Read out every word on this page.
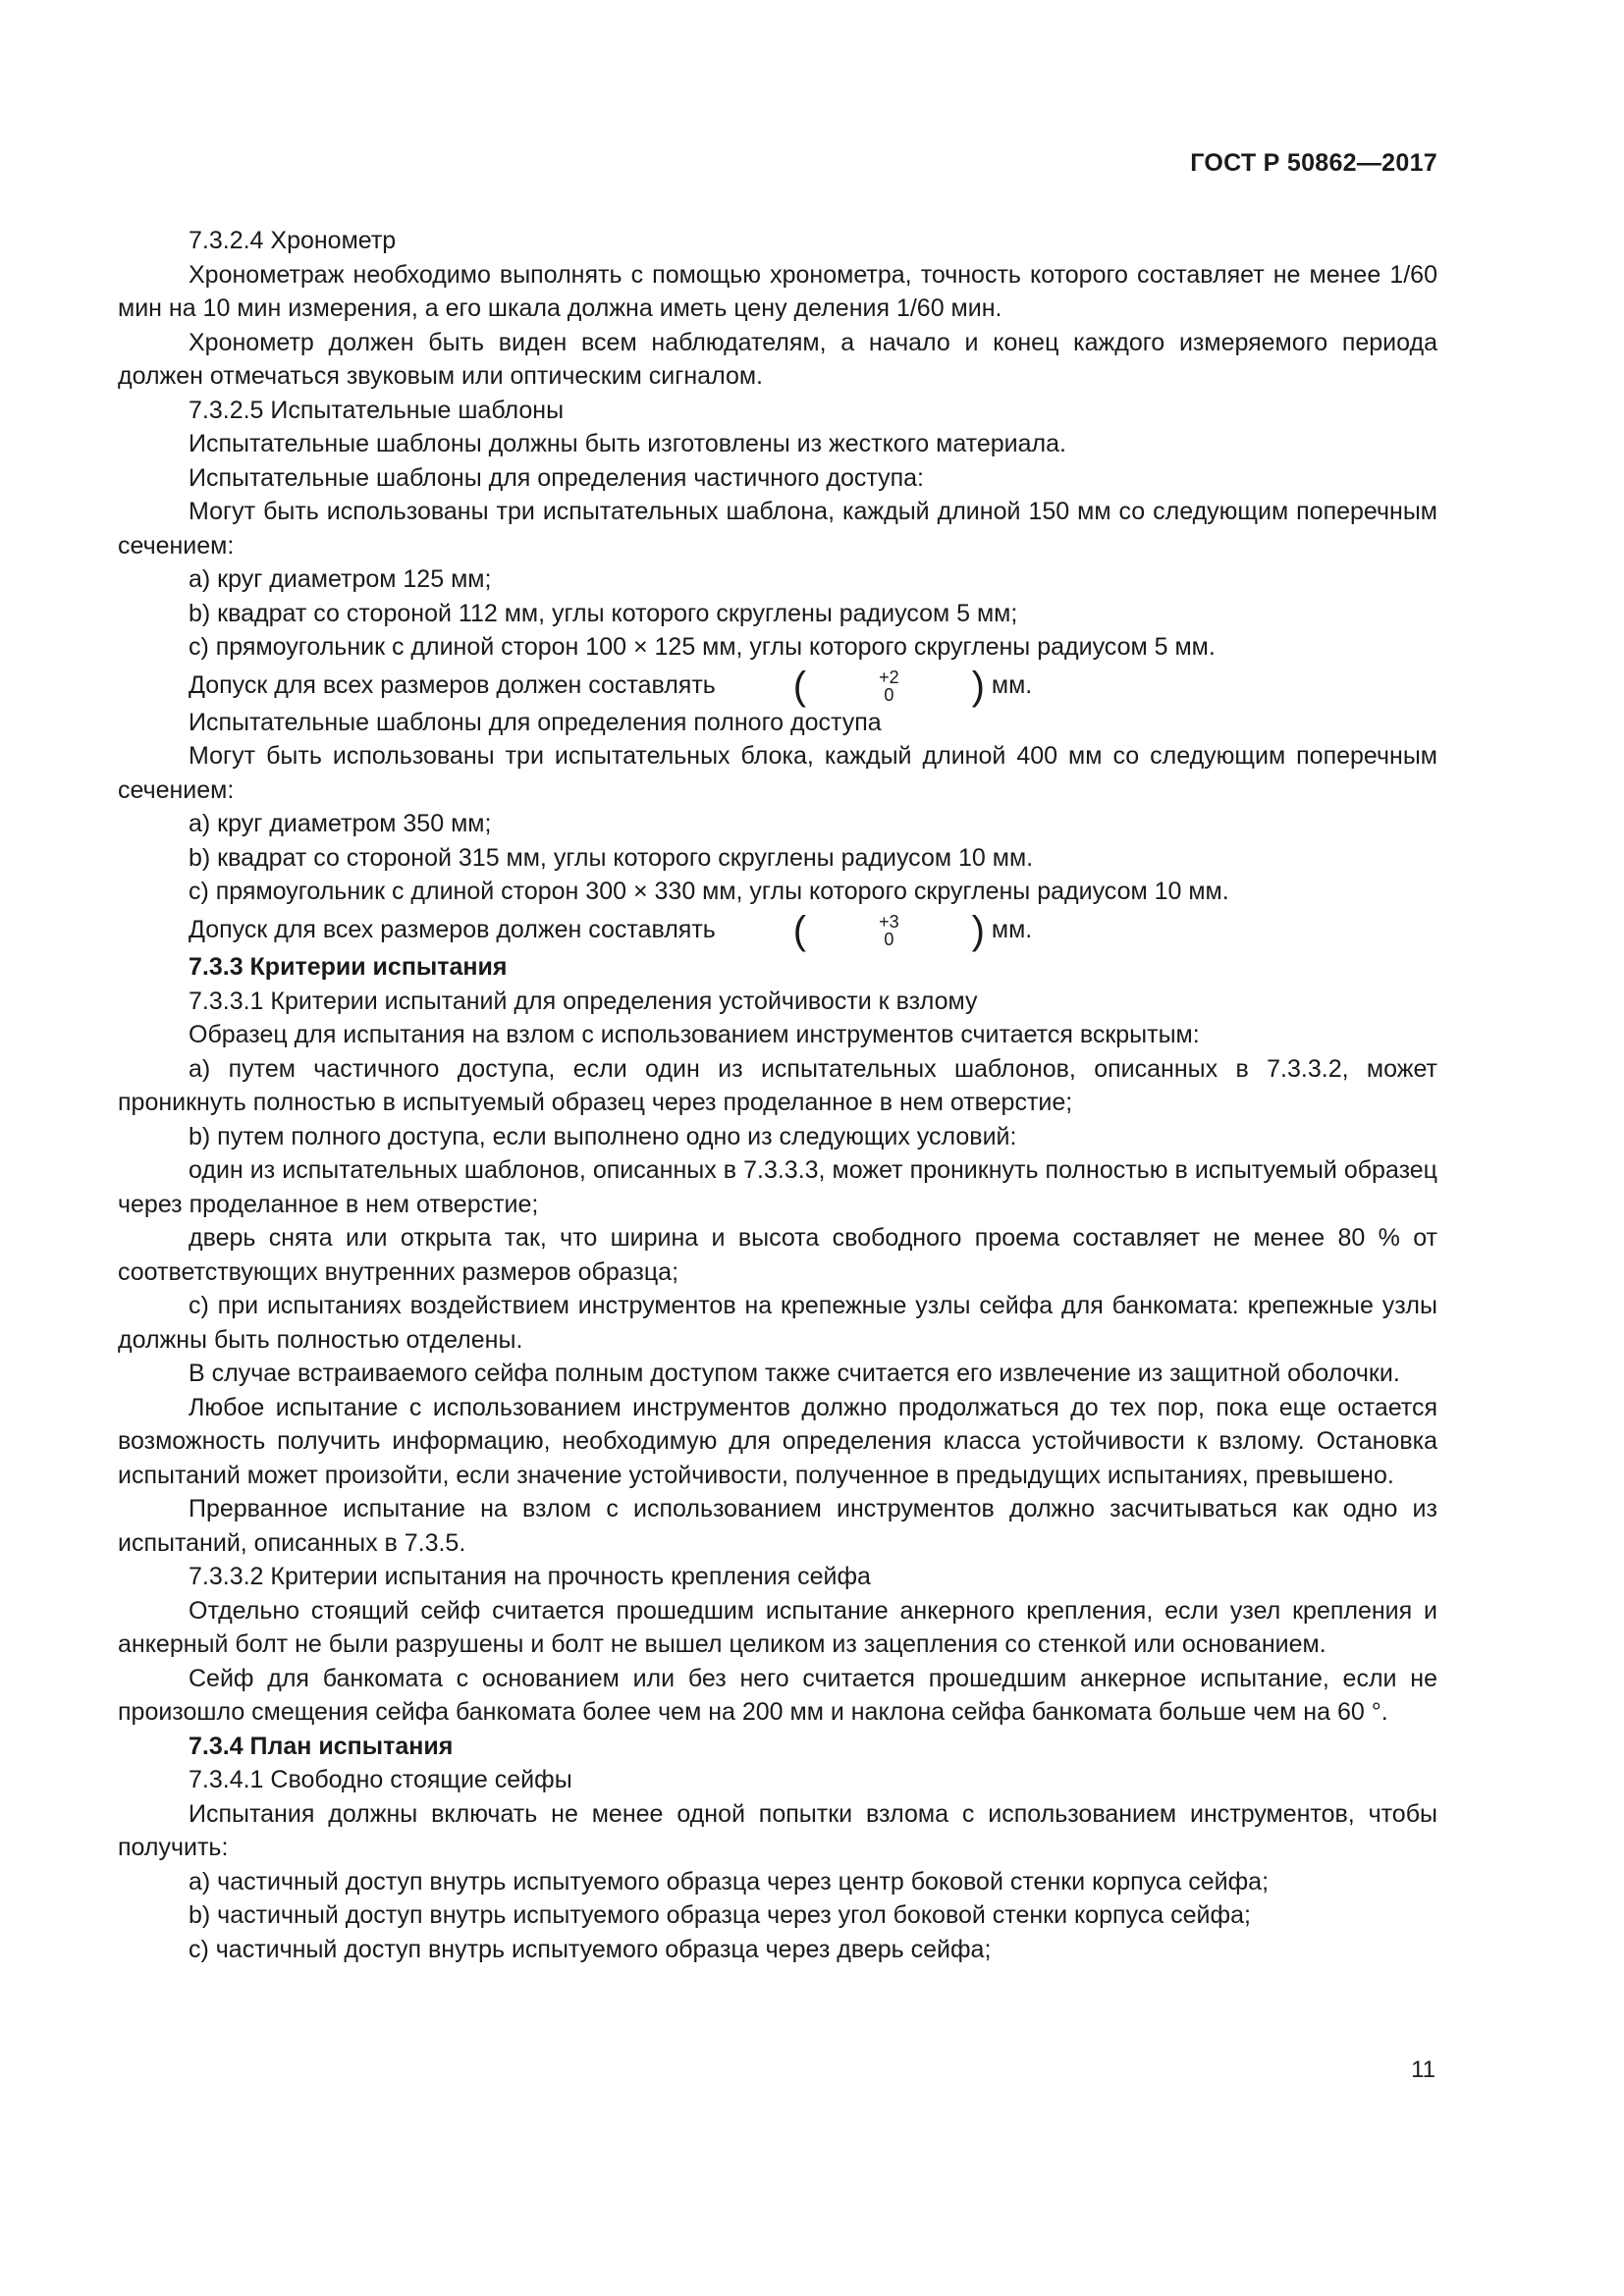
ГОСТ Р 50862—2017

7.3.2.4 Хронометр

Хронометраж необходимо выполнять с помощью хронометра, точность которого составляет не менее 1/60 мин на 10 мин измерения, а его шкала должна иметь цену деления 1/60 мин.

Хронометр должен быть виден всем наблюдателям, а начало и конец каждого измеряемого периода должен отмечаться звуковым или оптическим сигналом.

7.3.2.5 Испытательные шаблоны

Испытательные шаблоны должны быть изготовлены из жесткого материала.

Испытательные шаблоны для определения частичного доступа:

Могут быть использованы три испытательных шаблона, каждый длиной 150 мм со следующим поперечным сечением:

a) круг диаметром 125 мм;

b) квадрат со стороной 112 мм, углы которого скруглены радиусом 5 мм;

c) прямоугольник с длиной сторон 100 × 125 мм, углы которого скруглены радиусом 5 мм.

Допуск для всех размеров должен составлять (	+2
0 ) мм.

Испытательные шаблоны для определения полного доступа

Могут быть использованы три испытательных блока, каждый длиной 400 мм со следующим поперечным сечением:

a) круг диаметром 350 мм;

b) квадрат со стороной 315 мм, углы которого скруглены радиусом 10 мм.

c) прямоугольник с длиной сторон 300 × 330 мм, углы которого скруглены радиусом 10 мм.

Допуск для всех размеров должен составлять (	+3
0 ) мм.

7.3.3 Критерии испытания

7.3.3.1 Критерии испытаний для определения устойчивости к взлому

Образец для испытания на взлом с использованием инструментов считается вскрытым:

a) путем частичного доступа, если один из испытательных шаблонов, описанных в 7.3.3.2, может проникнуть полностью в испытуемый образец через проделанное в нем отверстие;

b) путем полного доступа, если выполнено одно из следующих условий:

один из испытательных шаблонов, описанных в 7.3.3.3, может проникнуть полностью в испытуемый образец через проделанное в нем отверстие;

дверь снята или открыта так, что ширина и высота свободного проема составляет не менее 80 % от соответствующих внутренних размеров образца;

c) при испытаниях воздействием инструментов на крепежные узлы сейфа для банкомата: крепежные узлы должны быть полностью отделены.

В случае встраиваемого сейфа полным доступом также считается его извлечение из защитной оболочки.

Любое испытание с использованием инструментов должно продолжаться до тех пор, пока еще остается возможность получить информацию, необходимую для определения класса устойчивости к взлому. Остановка испытаний может произойти, если значение устойчивости, полученное в предыдущих испытаниях, превышено.

Прерванное испытание на взлом с использованием инструментов должно засчитываться как одно из испытаний, описанных в 7.3.5.

7.3.3.2 Критерии испытания на прочность крепления сейфа

Отдельно стоящий сейф считается прошедшим испытание анкерного крепления, если узел крепления и анкерный болт не были разрушены и болт не вышел целиком из зацепления со стенкой или основанием.

Сейф для банкомата с основанием или без него считается прошедшим анкерное испытание, если не произошло смещения сейфа банкомата более чем на 200 мм и наклона сейфа банкомата больше чем на 60 °.

7.3.4 План испытания

7.3.4.1 Свободно стоящие сейфы

Испытания должны включать не менее одной попытки взлома с использованием инструментов, чтобы получить:

a) частичный доступ внутрь испытуемого образца через центр боковой стенки корпуса сейфа;

b) частичный доступ внутрь испытуемого образца через угол боковой стенки корпуса сейфа;

c) частичный доступ внутрь испытуемого образца через дверь сейфа;

11
